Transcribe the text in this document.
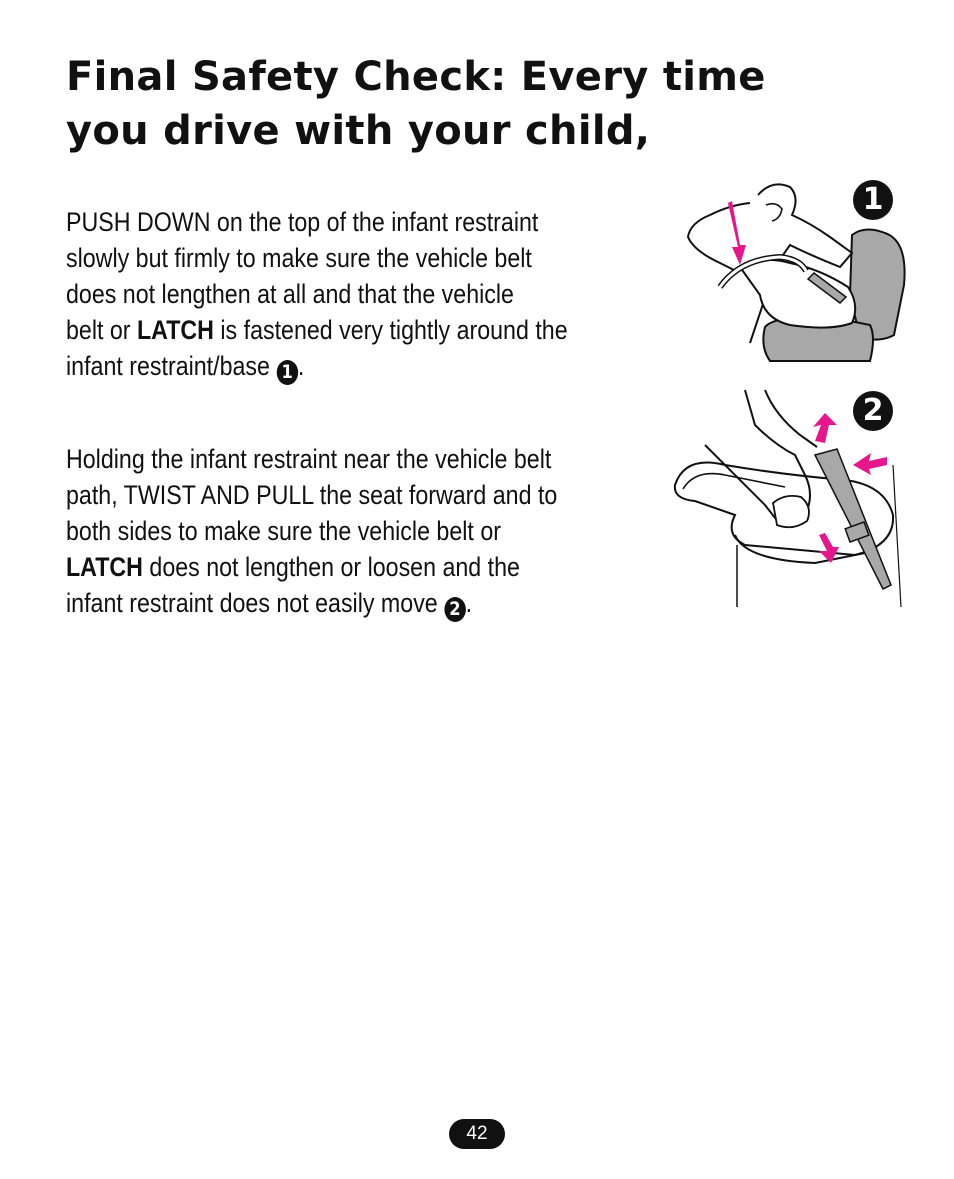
Final Safety Check: Every time
you drive with your child,

PUSH DOWN on the top of the infant restraint
slowly but firmly to make sure the vehicle belt
does not lengthen at all and that the vehicle
belt or LATCH is fastened very tightly around the
infant restraint/base 1 .

Holding the infant restraint near the vehicle belt
path, TWIST AND PULL the seat forward and to
both sides to make sure the vehicle belt or
LATCH does not lengthen or loosen and the
infant restraint does not easily move 2 .

1
2
42
